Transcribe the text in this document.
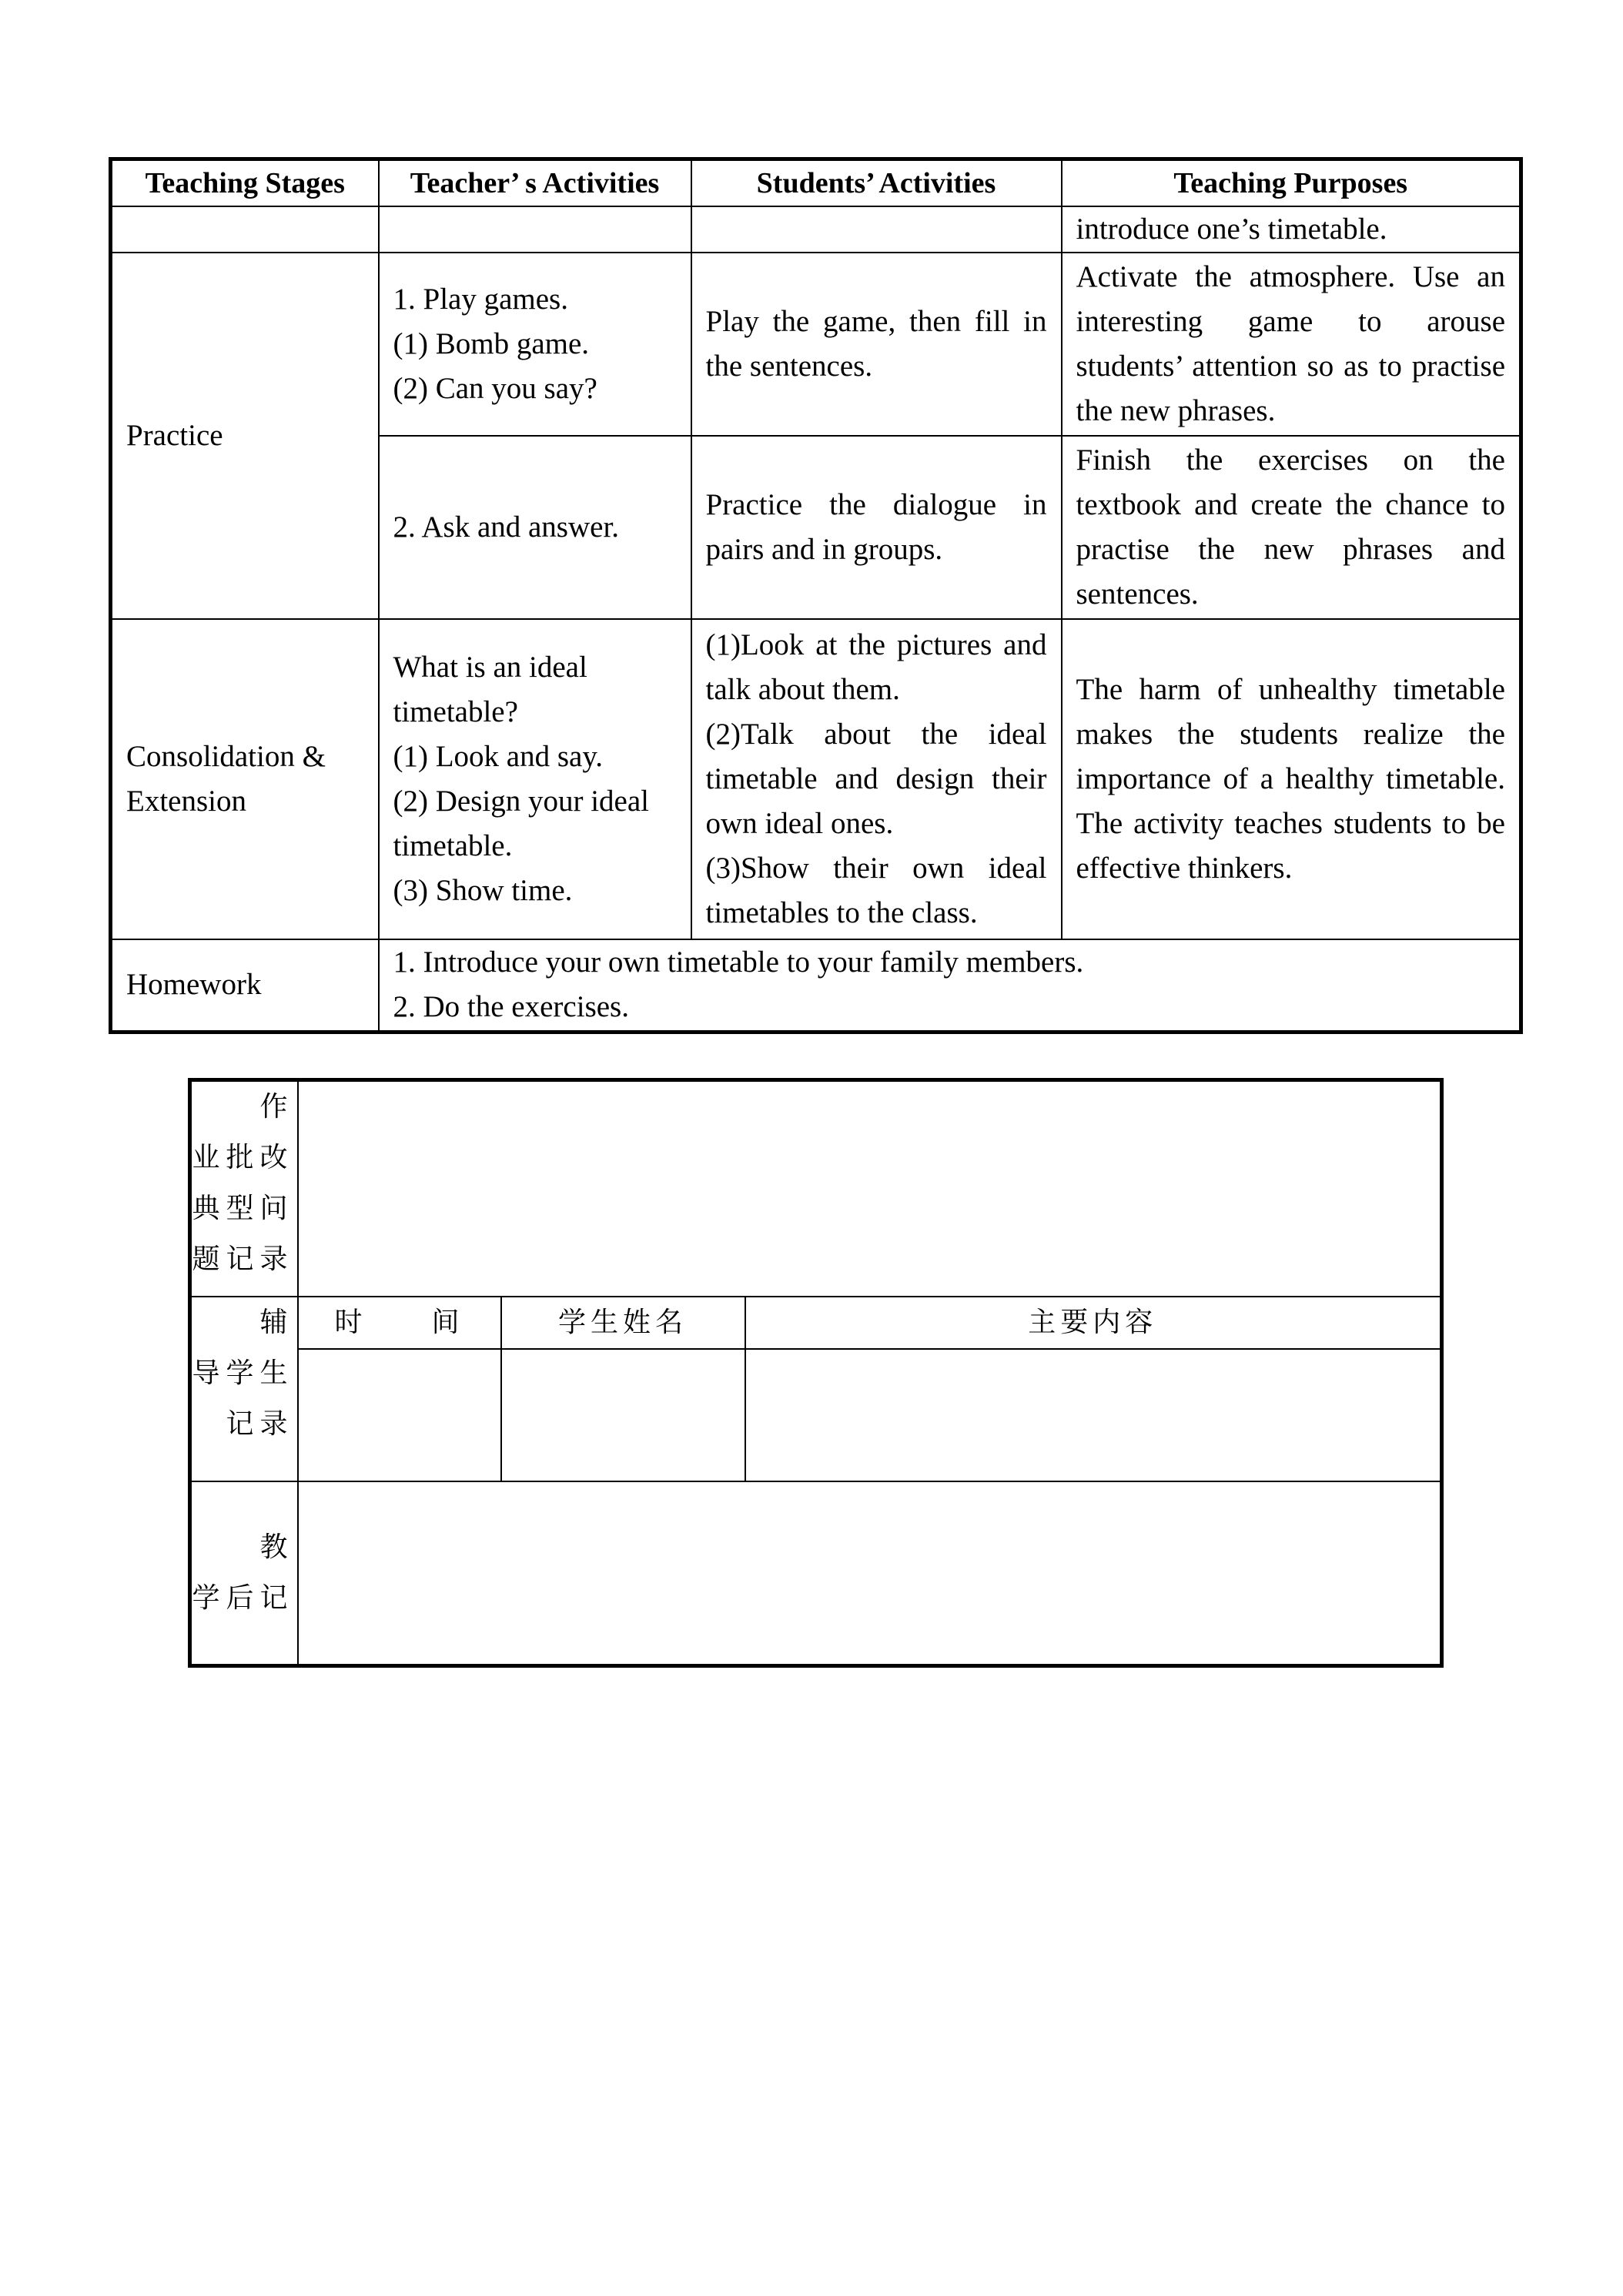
Teaching Stages	Teacher’ s Activities	Students’ Activities	Teaching Purposes
			introduce one’s timetable.
Practice	1. Play games.
(1) Bomb game.
(2) Can you say?	Play the game, then fill in the sentences.	Activate the atmosphere. Use an interesting game to arouse students’ attention so as to practise the new phrases.
	2. Ask and answer.	Practice the dialogue in pairs and in groups.	Finish the exercises on the textbook and create the chance to practise the new phrases and sentences.

Consolidation &
Extension	What is an ideal timetable?
(1) Look and say.
(2) Design your ideal timetable.
(3) Show time.	(1)Look at the pictures and talk about them.
(2)Talk about the ideal timetable and design their own ideal ones.
(3)Show their own ideal timetables to the class.	The harm of unhealthy timetable makes the students realize the importance of a healthy timetable. The activity teaches students to be effective thinkers.
Homework	1. Introduce your own timetable to your family members.
2. Do the exercises.		
作
业批改
典型问
题记录			

辅
导学生
记录	时　　间	学生姓名	主要内容

教
学后记			
